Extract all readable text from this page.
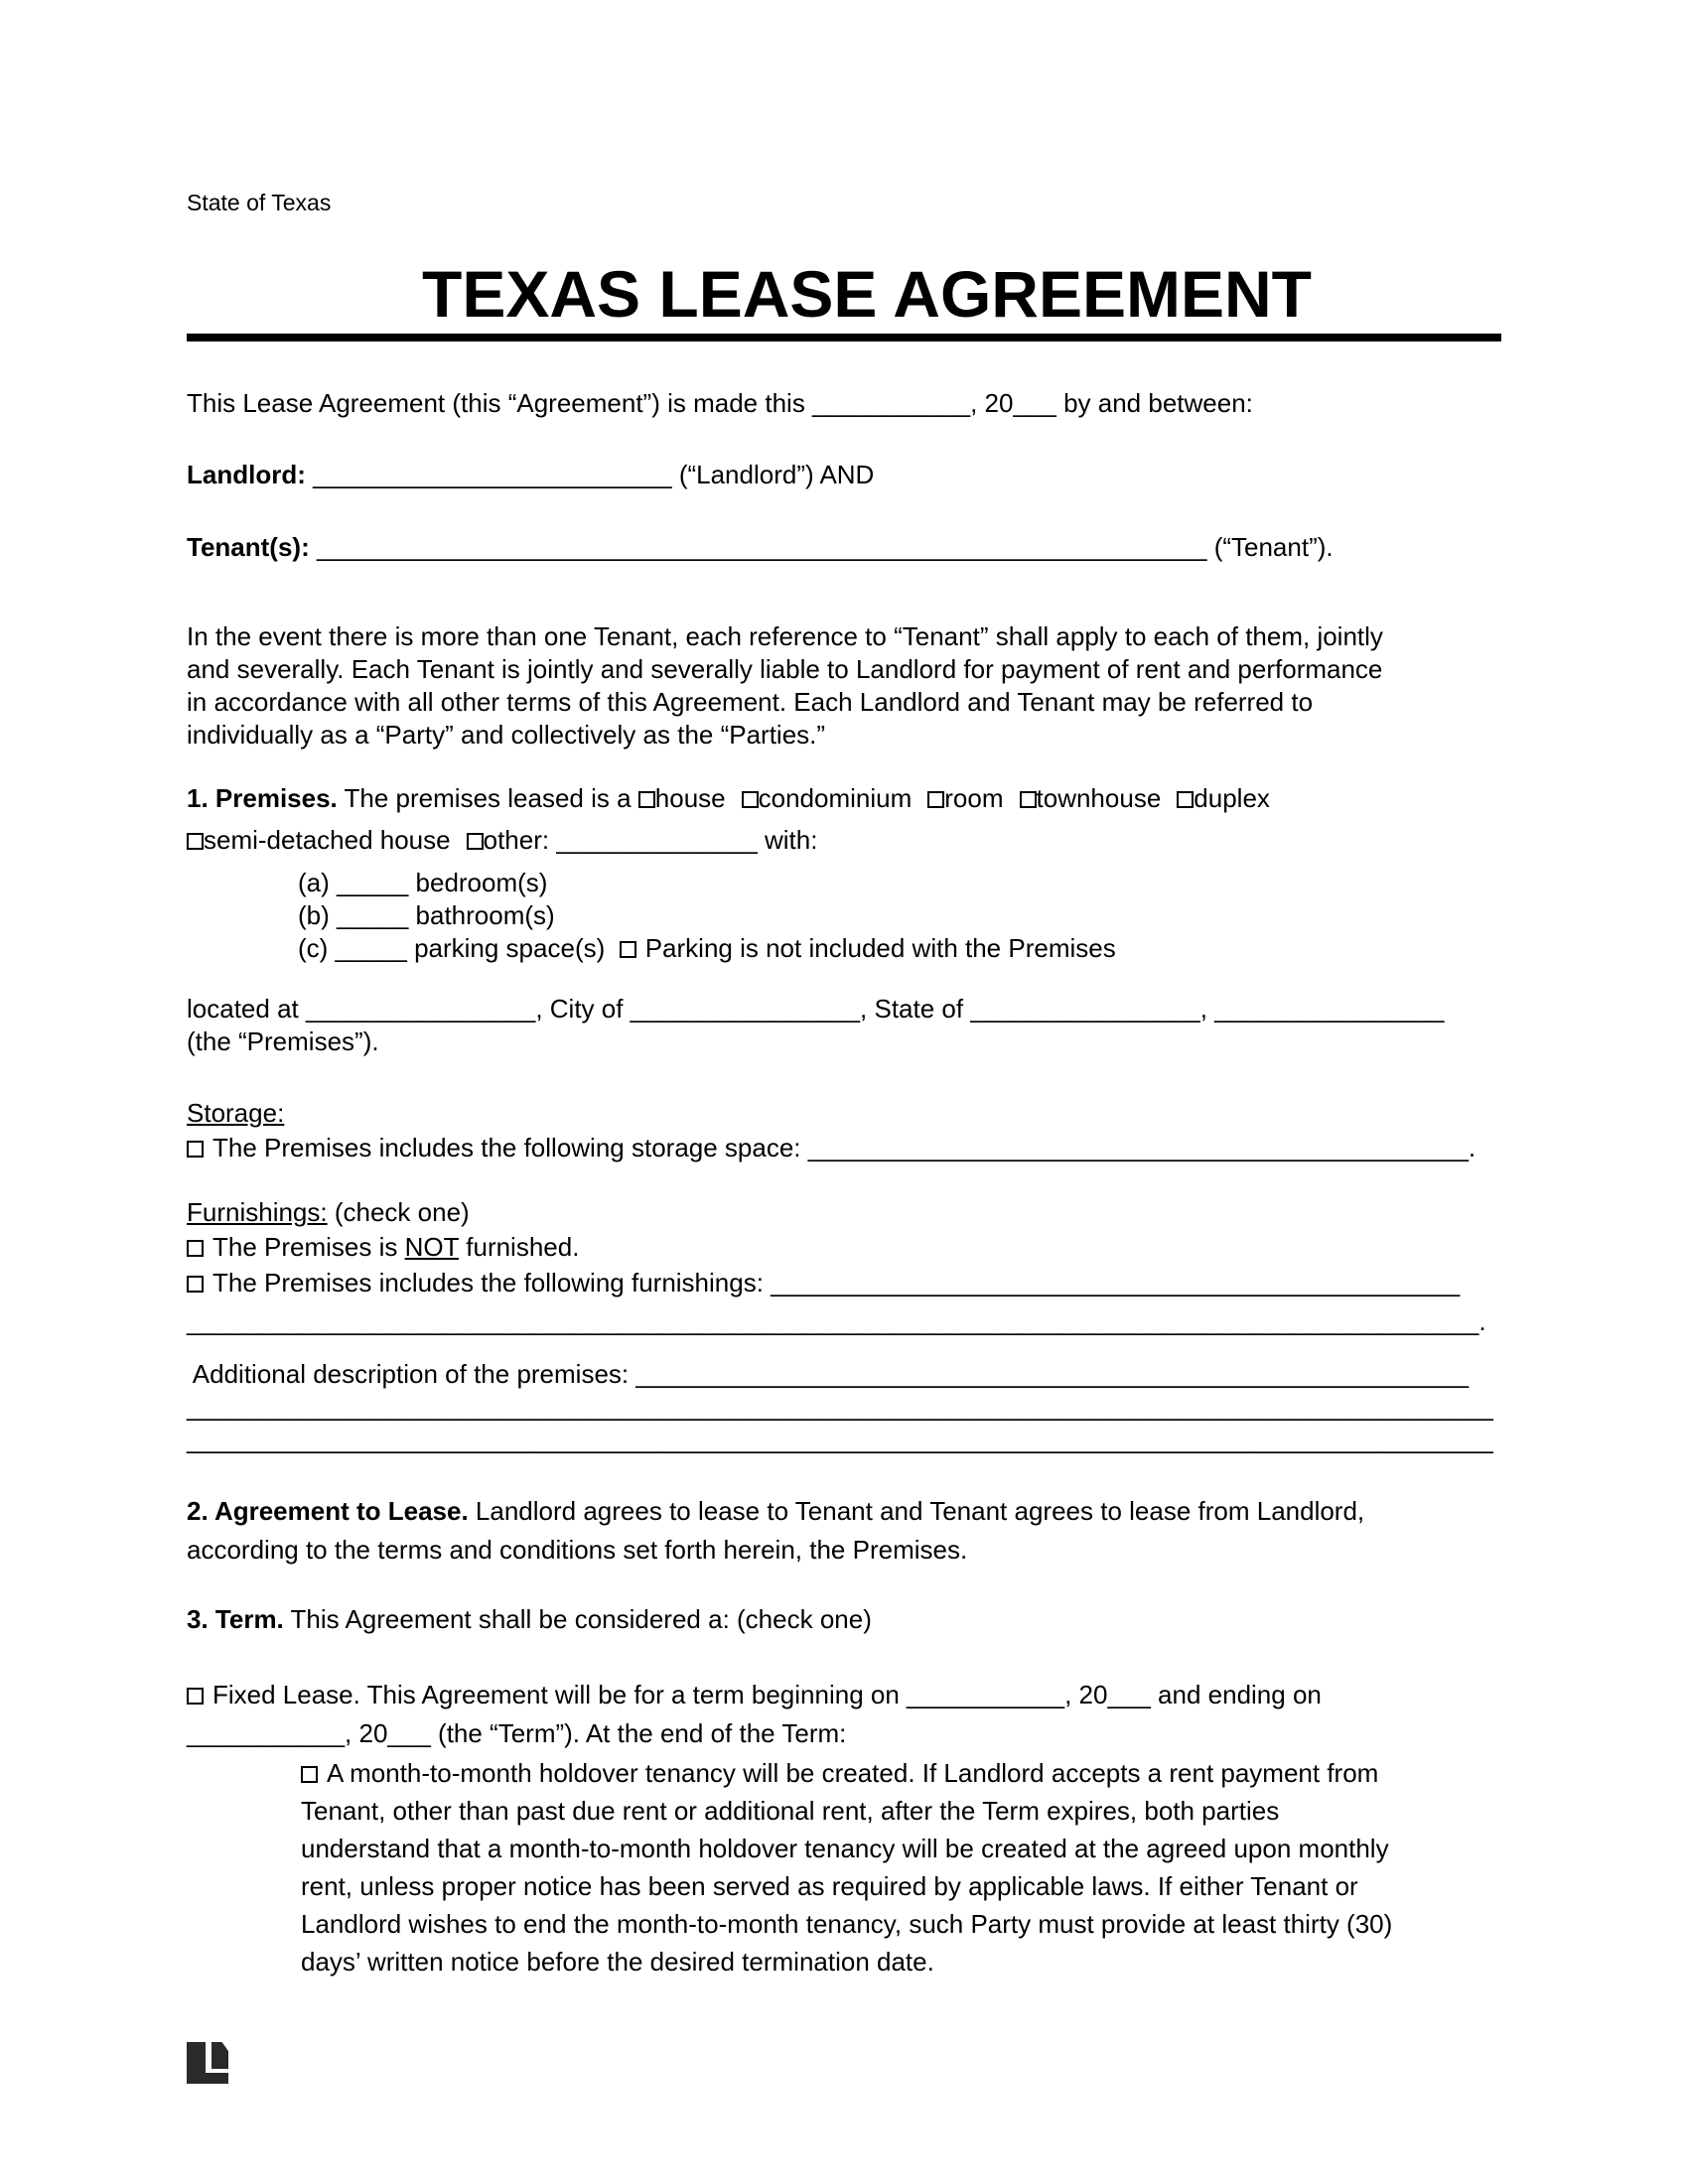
State of Texas
TEXAS LEASE AGREEMENT
This Lease Agreement (this “Agreement”) is made this ___________, 20___ by and between:
Landlord: _________________________ (“Landlord”) AND
Tenant(s): ______________________________________________________________ (“Tenant”).
In the event there is more than one Tenant, each reference to “Tenant” shall apply to each of them, jointly
and severally. Each Tenant is jointly and severally liable to Landlord for payment of rent and performance
in accordance with all other terms of this Agreement. Each Landlord and Tenant may be referred to
individually as a “Party” and collectively as the “Parties.”
1. Premises. The premises leased is a house condominium room townhouse duplex
semi-detached house other: ______________ with:
(a) _____ bedroom(s)
(b) _____ bathroom(s)
(c) _____ parking space(s) Parking is not included with the Premises
located at ________________, City of ________________, State of ________________, ________________
(the “Premises”).
Storage:
The Premises includes the following storage space: ______________________________________________.
Furnishings: (check one)
The Premises is NOT furnished.
The Premises includes the following furnishings: ________________________________________________
__________________________________________________________________________________________.
Additional description of the premises: __________________________________________________________
___________________________________________________________________________________________
___________________________________________________________________________________________
2. Agreement to Lease. Landlord agrees to lease to Tenant and Tenant agrees to lease from Landlord,
according to the terms and conditions set forth herein, the Premises.
3. Term. This Agreement shall be considered a: (check one)
Fixed Lease. This Agreement will be for a term beginning on ___________, 20___ and ending on
___________, 20___ (the “Term”). At the end of the Term:
A month-to-month holdover tenancy will be created. If Landlord accepts a rent payment from
Tenant, other than past due rent or additional rent, after the Term expires, both parties
understand that a month-to-month holdover tenancy will be created at the agreed upon monthly
rent, unless proper notice has been served as required by applicable laws. If either Tenant or
Landlord wishes to end the month-to-month tenancy, such Party must provide at least thirty (30)
days’ written notice before the desired termination date.
